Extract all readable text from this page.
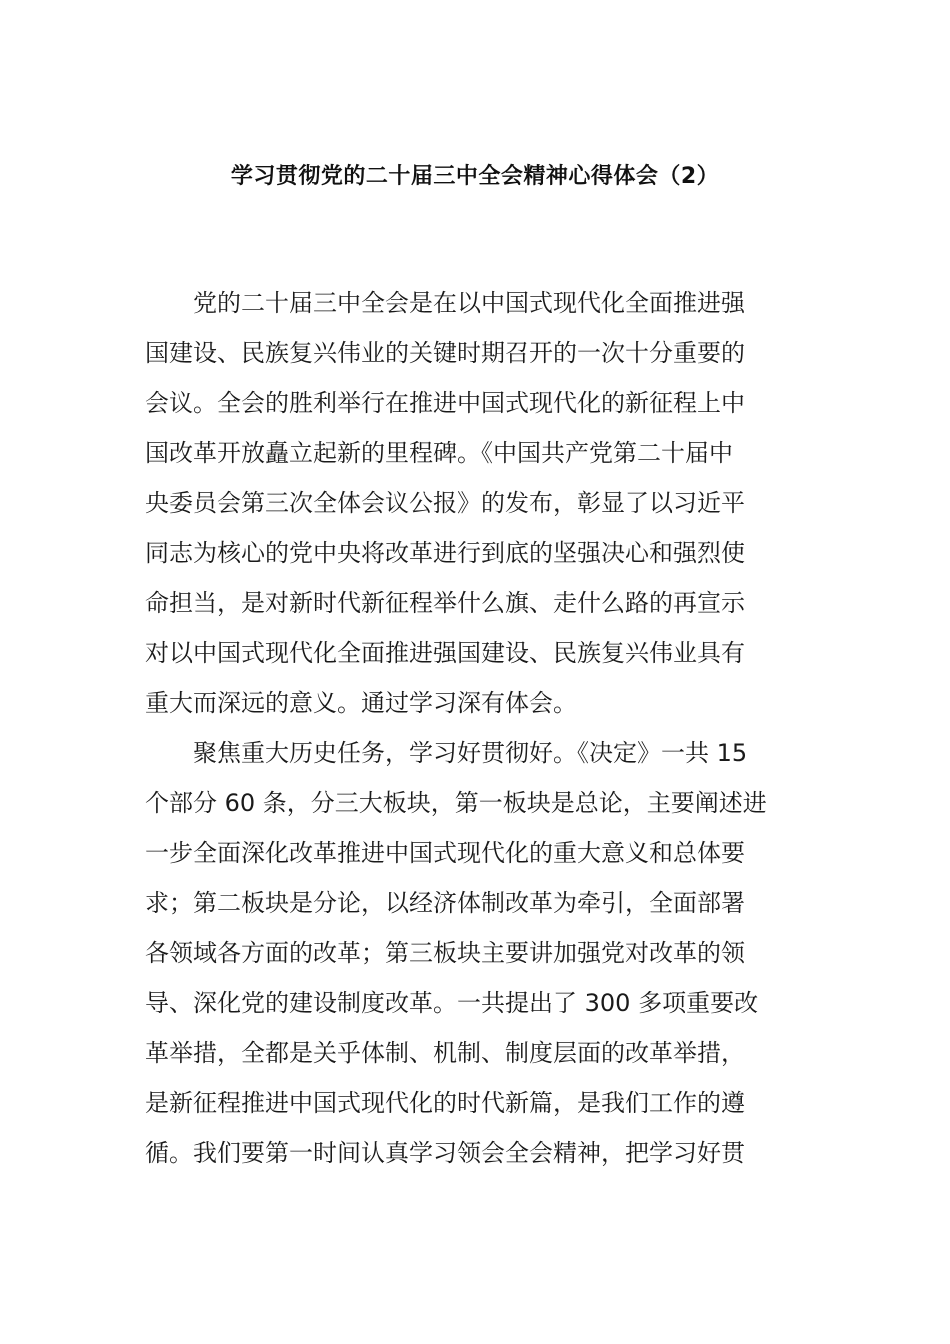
学习贯彻党的二十届三中全会精神心得体会（2）
党的二十届三中全会是在以中国式现代化全面推进强
国建设、民族复兴伟业的关键时期召开的一次十分重要的
会议。全会的胜利举行在推进中国式现代化的新征程上中
国改革开放矗立起新的里程碑。《中国共产党第二十届中
央委员会第三次全体会议公报》的发布，彰显了以习近平
同志为核心的党中央将改革进行到底的坚强决心和强烈使
命担当，是对新时代新征程举什么旗、走什么路的再宣示
对以中国式现代化全面推进强国建设、民族复兴伟业具有
重大而深远的意义。通过学习深有体会。
聚焦重大历史任务，学习好贯彻好。《决定》一共 15
个部分 60 条，分三大板块，第一板块是总论，主要阐述进
一步全面深化改革推进中国式现代化的重大意义和总体要
求；第二板块是分论，以经济体制改革为牵引，全面部署
各领域各方面的改革；第三板块主要讲加强党对改革的领
导、深化党的建设制度改革。一共提出了 300 多项重要改
革举措，全都是关乎体制、机制、制度层面的改革举措，
是新征程推进中国式现代化的时代新篇，是我们工作的遵
循。我们要第一时间认真学习领会全会精神，把学习好贯
